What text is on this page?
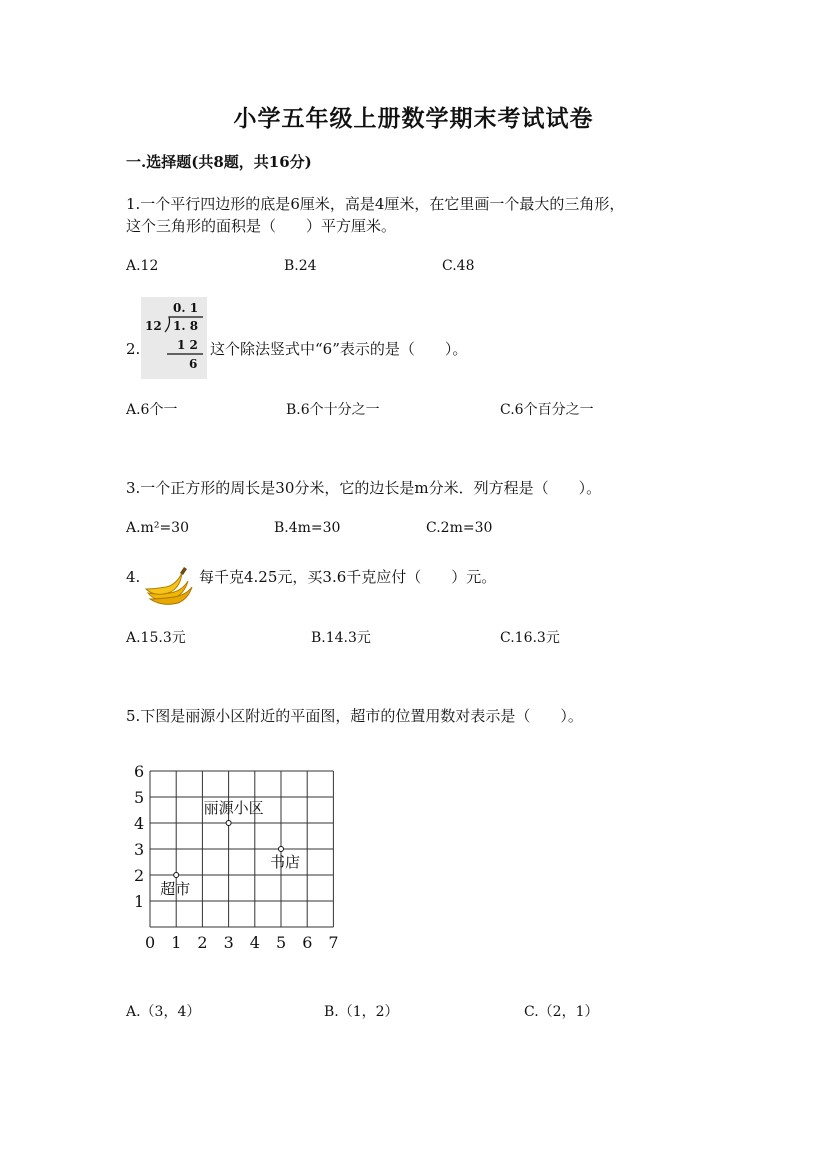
小学五年级上册数学期末考试试卷
一.选择题(共8题，共16分)
1.一个平行四边形的底是6厘米，高是4厘米，在它里画一个最大的三角形，
这个三角形的面积是（　　）平方厘米。
A.12	B.24	C.48
2.
0. 1
12 1. 8
1 2
6
这个除法竖式中“6”表示的是（　　）。
A.6个一	B.6个十分之一	C.6个百分之一
3.一个正方形的周长是30分米，它的边长是m分米．列方程是（　　）。
A.m²=30	B.4m=30	C.2m=30
4.	每千克4.25元，买3.6千克应付（　　）元。
A.15.3元	B.14.3元	C.16.3元
5.下图是丽源小区附近的平面图，超市的位置用数对表示是（　　）。
6
5
4
3
2
1
0 1 2 3 4 5 6 7
丽源小区
书店
超市
A.（3，4）	B.（1，2）	C.（2，1）
